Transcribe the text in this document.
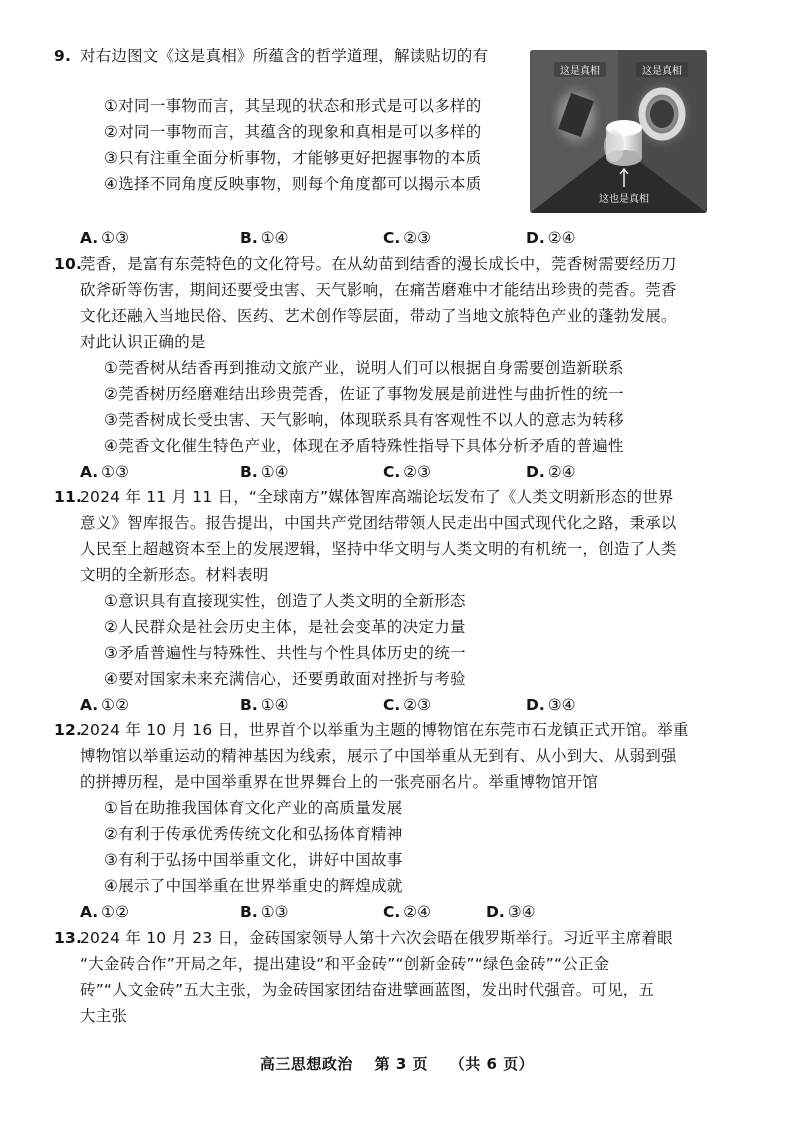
9. 对右边图文《这是真相》所蕴含的哲学道理，解读贴切的有
①对同一事物而言，其呈现的状态和形式是可以多样的
②对同一事物而言，其蕴含的现象和真相是可以多样的
③只有注重全面分析事物，才能够更好把握事物的本质
④选择不同角度反映事物，则每个角度都可以揭示本质
A. ①③	B. ①④	C. ②③	D. ②④
这是真相	这是真相
这也是真相
10.
莞香，是富有东莞特色的文化符号。在从幼苗到结香的漫长成长中，莞香树需要经历刀
砍斧斫等伤害，期间还要受虫害、天气影响，在痛苦磨难中才能结出珍贵的莞香。莞香
文化还融入当地民俗、医药、艺术创作等层面，带动了当地文旅特色产业的蓬勃发展。
对此认识正确的是
①莞香树从结香再到推动文旅产业，说明人们可以根据自身需要创造新联系
②莞香树历经磨难结出珍贵莞香，佐证了事物发展是前进性与曲折性的统一
③莞香树成长受虫害、天气影响，体现联系具有客观性不以人的意志为转移
④莞香文化催生特色产业，体现在矛盾特殊性指导下具体分析矛盾的普遍性
A. ①③	B. ①④	C. ②③	D. ②④
11.
2024 年 11 月 11 日，“全球南方”媒体智库高端论坛发布了《人类文明新形态的世界
意义》智库报告。报告提出，中国共产党团结带领人民走出中国式现代化之路，秉承以
人民至上超越资本至上的发展逻辑，坚持中华文明与人类文明的有机统一，创造了人类
文明的全新形态。材料表明
①意识具有直接现实性，创造了人类文明的全新形态
②人民群众是社会历史主体，是社会变革的决定力量
③矛盾普遍性与特殊性、共性与个性具体历史的统一
④要对国家未来充满信心，还要勇敢面对挫折与考验
A. ①②	B. ①④	C. ②③	D. ③④
12.
2024 年 10 月 16 日，世界首个以举重为主题的博物馆在东莞市石龙镇正式开馆。举重
博物馆以举重运动的精神基因为线索，展示了中国举重从无到有、从小到大、从弱到强
的拼搏历程，是中国举重界在世界舞台上的一张亮丽名片。举重博物馆开馆
①旨在助推我国体育文化产业的高质量发展
②有利于传承优秀传统文化和弘扬体育精神
③有利于弘扬中国举重文化，讲好中国故事
④展示了中国举重在世界举重史的辉煌成就
A. ①②	B. ①③	C. ②④	D. ③④
13.
2024 年 10 月 23 日，金砖国家领导人第十六次会晤在俄罗斯举行。习近平主席着眼
“大金砖合作”开局之年，提出建设“和平金砖”“创新金砖”“绿色金砖”“公正金
砖”“人文金砖”五大主张，为金砖国家团结奋进擘画蓝图，发出时代强音。可见，五
大主张
高三思想政治 第 3 页 （共 6 页）
